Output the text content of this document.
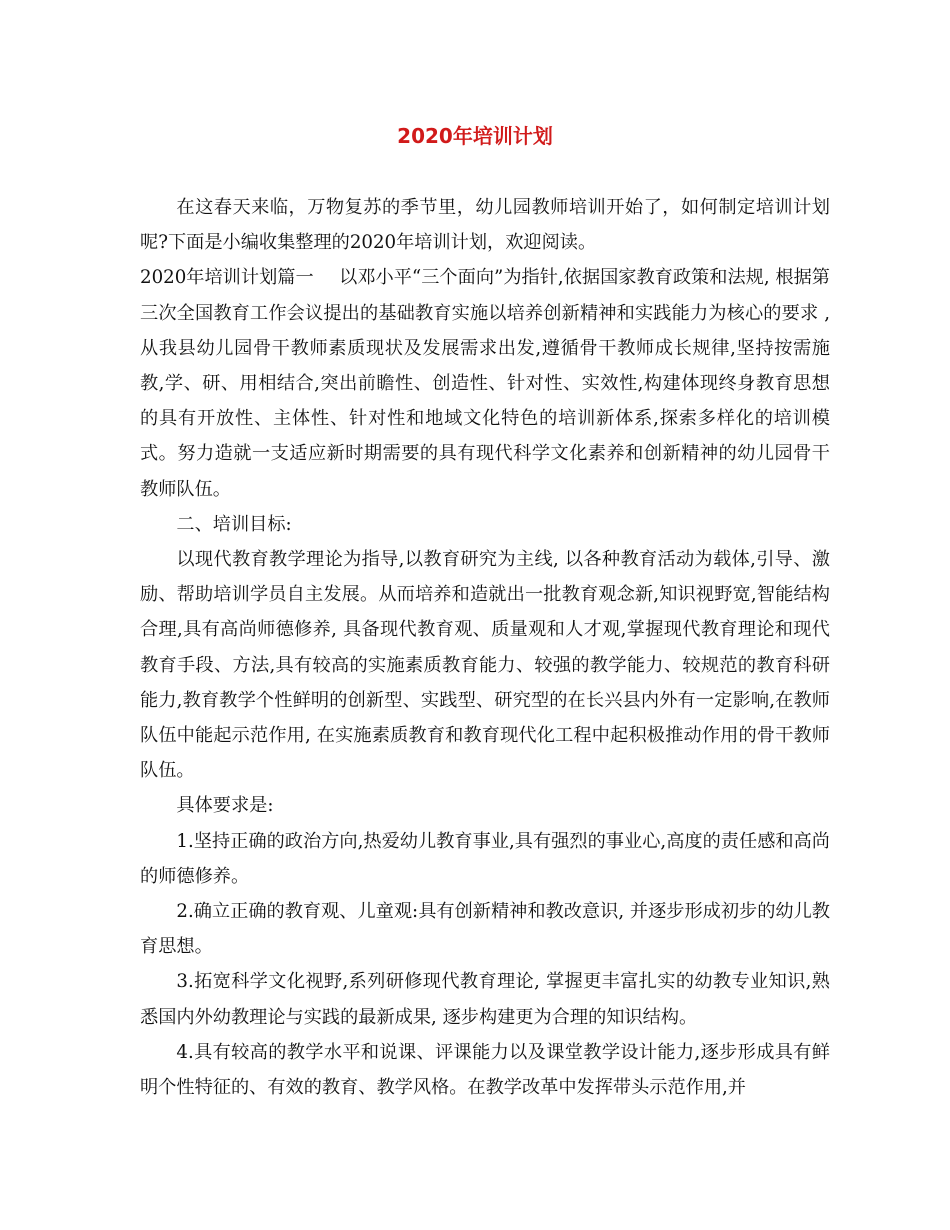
2020年培训计划

在这春天来临，万物复苏的季节里，幼儿园教师培训开始了，如何制定培训计划呢?下面是小编收集整理的2020年培训计划，欢迎阅读。

2020年培训计划篇一 以邓小平“三个面向”为指针,依据国家教育政策和法规, 根据第三次全国教育工作会议提出的基础教育实施以培养创新精神和实践能力为核心的要求 ,从我县幼儿园骨干教师素质现状及发展需求出发,遵循骨干教师成长规律,坚持按需施教,学、研、用相结合,突出前瞻性、创造性、针对性、实效性,构建体现终身教育思想的具有开放性、主体性、针对性和地域文化特色的培训新体系,探索多样化的培训模式。努力造就一支适应新时期需要的具有现代科学文化素养和创新精神的幼儿园骨干教师队伍。

二、培训目标:

以现代教育教学理论为指导,以教育研究为主线, 以各种教育活动为载体,引导、激励、帮助培训学员自主发展。从而培养和造就出一批教育观念新,知识视野宽,智能结构合理,具有高尚师德修养, 具备现代教育观、质量观和人才观,掌握现代教育理论和现代教育手段、方法,具有较高的实施素质教育能力、较强的教学能力、较规范的教育科研能力,教育教学个性鲜明的创新型、实践型、研究型的在长兴县内外有一定影响,在教师队伍中能起示范作用, 在实施素质教育和教育现代化工程中起积极推动作用的骨干教师队伍。

具体要求是:

1.坚持正确的政治方向,热爱幼儿教育事业,具有强烈的事业心,高度的责任感和高尚的师德修养。

2.确立正确的教育观、儿童观:具有创新精神和教改意识, 并逐步形成初步的幼儿教育思想。

3.拓宽科学文化视野,系列研修现代教育理论, 掌握更丰富扎实的幼教专业知识,熟悉国内外幼教理论与实践的最新成果, 逐步构建更为合理的知识结构。

4.具有较高的教学水平和说课、评课能力以及课堂教学设计能力,逐步形成具有鲜明个性特征的、有效的教育、教学风格。在教学改革中发挥带头示范作用,并
